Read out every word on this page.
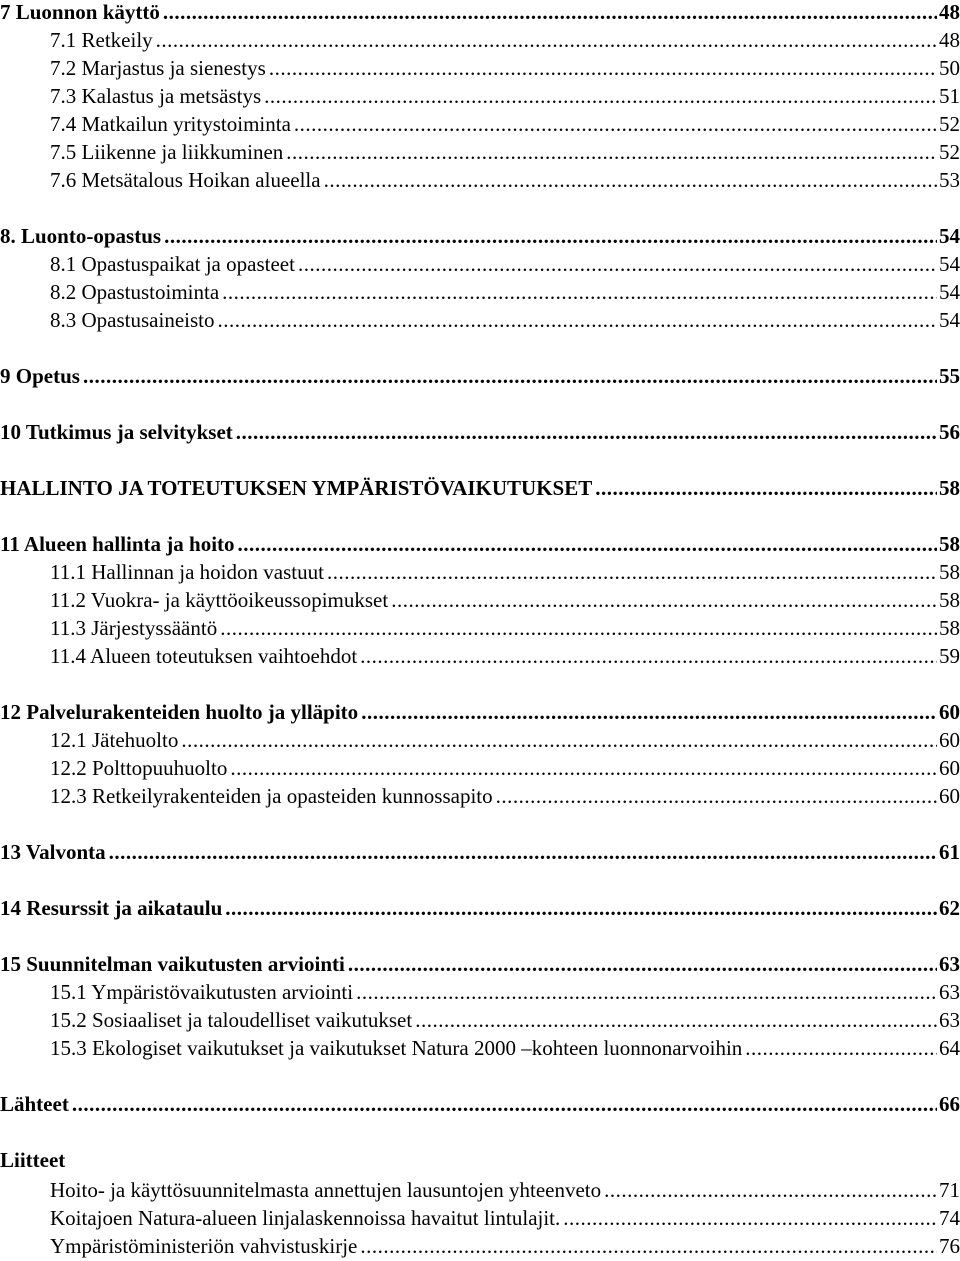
Liitteet
7 Luonnon käyttö .....	48
7.1 Retkeily .....	48
7.2 Marjastus ja sienestys .....	50
7.3 Kalastus ja metsästys .....	51
7.4 Matkailun yritystoiminta .....	52
7.5 Liikenne ja liikkuminen .....	52
7.6 Metsätalous Hoikan alueella .....	53
8. Luonto-opastus .....	54
8.1 Opastuspaikat ja opasteet .....	54
8.2 Opastustoiminta .....	54
8.3 Opastusaineisto .....	54
9 Opetus .....	55
10 Tutkimus ja selvitykset .....	56
HALLINTO JA TOTEUTUKSEN YMPÄRISTÖVAIKUTUKSET .....	58
11 Alueen hallinta ja hoito .....	58
11.1 Hallinnan ja hoidon vastuut .....	58
11.2 Vuokra- ja käyttöoikeussopimukset .....	58
11.3 Järjestyssääntö .....	58
11.4 Alueen toteutuksen vaihtoehdot .....	59
12 Palvelurakenteiden huolto ja ylläpito .....	60
12.1 Jätehuolto .....	60
12.2 Polttopuuhuolto .....	60
12.3 Retkeilyrakenteiden ja opasteiden kunnossapito .....	60
13 Valvonta .....	61
14 Resurssit ja aikataulu .....	62
15 Suunnitelman vaikutusten arviointi .....	63
15.1 Ympäristövaikutusten arviointi .....	63
15.2 Sosiaaliset ja taloudelliset vaikutukset .....	63
15.3 Ekologiset vaikutukset ja vaikutukset Natura 2000 –kohteen luonnonarvoihin .....	64
Lähteet .....	66
Hoito- ja käyttösuunnitelmasta annettujen lausuntojen yhteenveto .....	71
Koitajoen Natura-alueen linjalaskennoissa havaitut lintulajit. .....	74
Ympäristöministeriön vahvistuskirje .....	76
